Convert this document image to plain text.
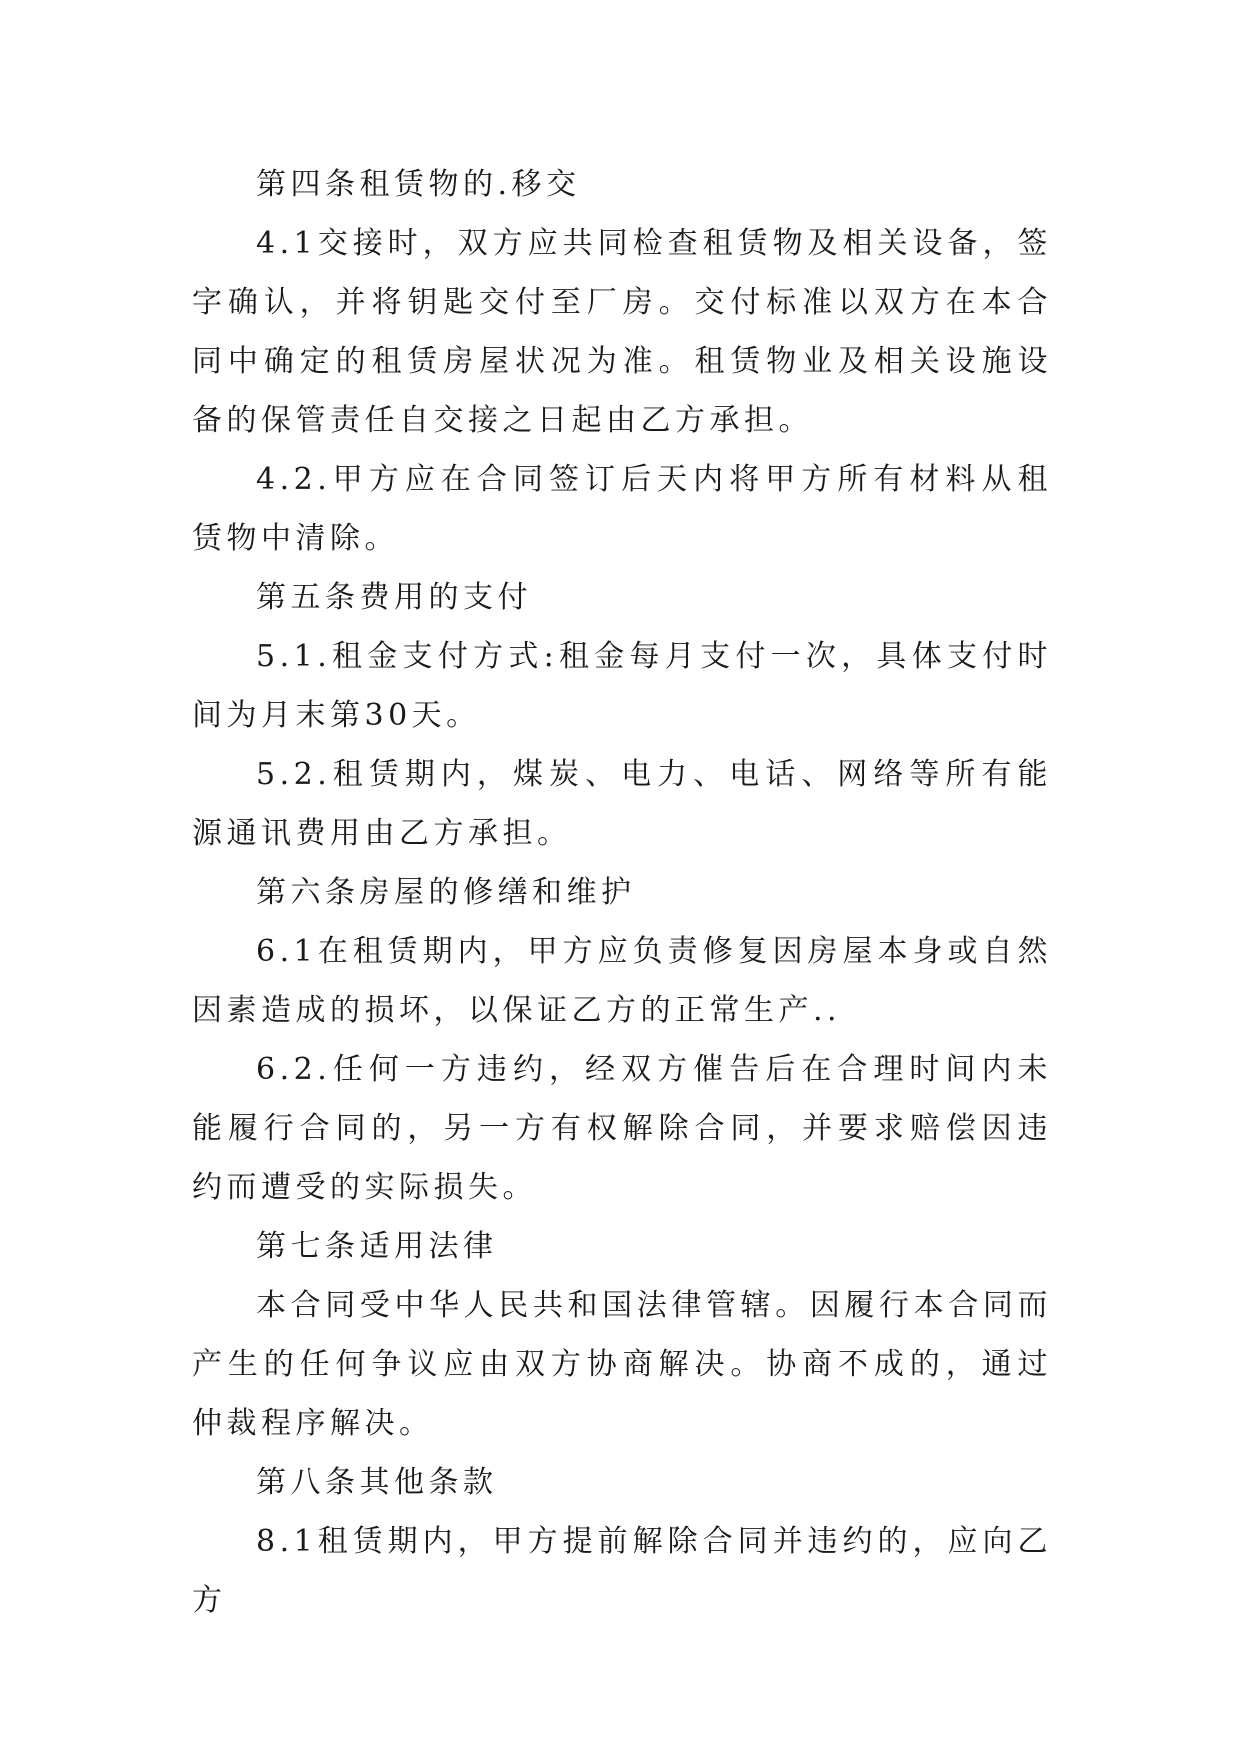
第四条租赁物的.移交

4.1交接时，双方应共同检查租赁物及相关设备，签字确认，并将钥匙交付至厂房。交付标准以双方在本合同中确定的租赁房屋状况为准。租赁物业及相关设施设备的保管责任自交接之日起由乙方承担。

4.2.甲方应在合同签订后天内将甲方所有材料从租赁物中清除。

第五条费用的支付

5.1.租金支付方式:租金每月支付一次，具体支付时间为月末第30天。

5.2.租赁期内，煤炭、电力、电话、网络等所有能源通讯费用由乙方承担。

第六条房屋的修缮和维护

6.1在租赁期内，甲方应负责修复因房屋本身或自然因素造成的损坏，以保证乙方的正常生产..

6.2.任何一方违约，经双方催告后在合理时间内未能履行合同的，另一方有权解除合同，并要求赔偿因违约而遭受的实际损失。

第七条适用法律

本合同受中华人民共和国法律管辖。因履行本合同而产生的任何争议应由双方协商解决。协商不成的，通过仲裁程序解决。

第八条其他条款

8.1租赁期内，甲方提前解除合同并违约的，应向乙方
